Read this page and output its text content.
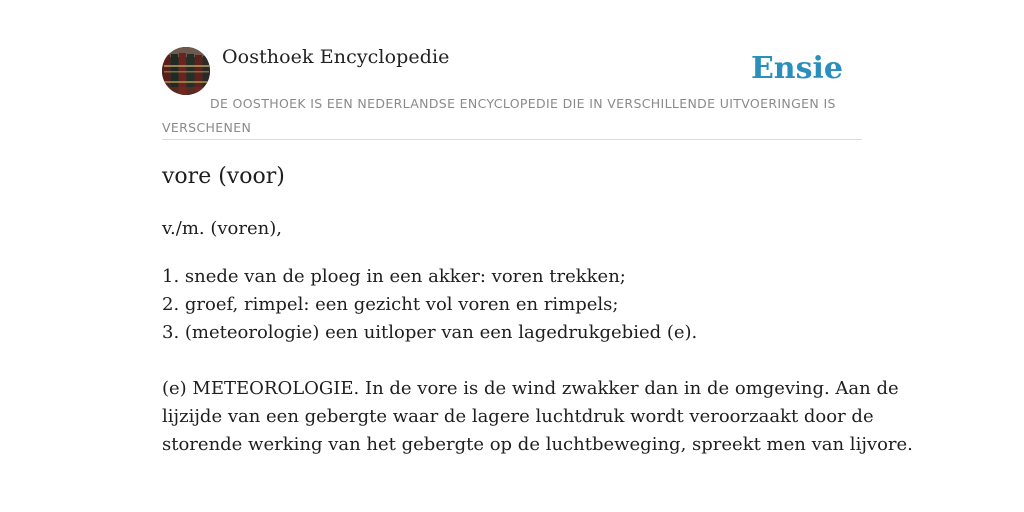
Oosthoek Encyclopedie	Ensie
DE OOSTHOEK IS EEN NEDERLANDSE ENCYCLOPEDIE DIE IN VERSCHILLENDE UITVOERINGEN IS VERSCHENEN
vore (voor)
v./m. (voren),
1. snede van de ploeg in een akker: voren trekken;
2. groef, rimpel: een gezicht vol voren en rimpels;
3. (meteorologie) een uitloper van een lagedrukgebied (e).

(e) METEOROLOGIE. In de vore is de wind zwakker dan in de omgeving. Aan de

lijzijde van een gebergte waar de lagere luchtdruk wordt veroorzaakt door de

storende werking van het gebergte op de luchtbeweging, spreekt men van lijvore.
